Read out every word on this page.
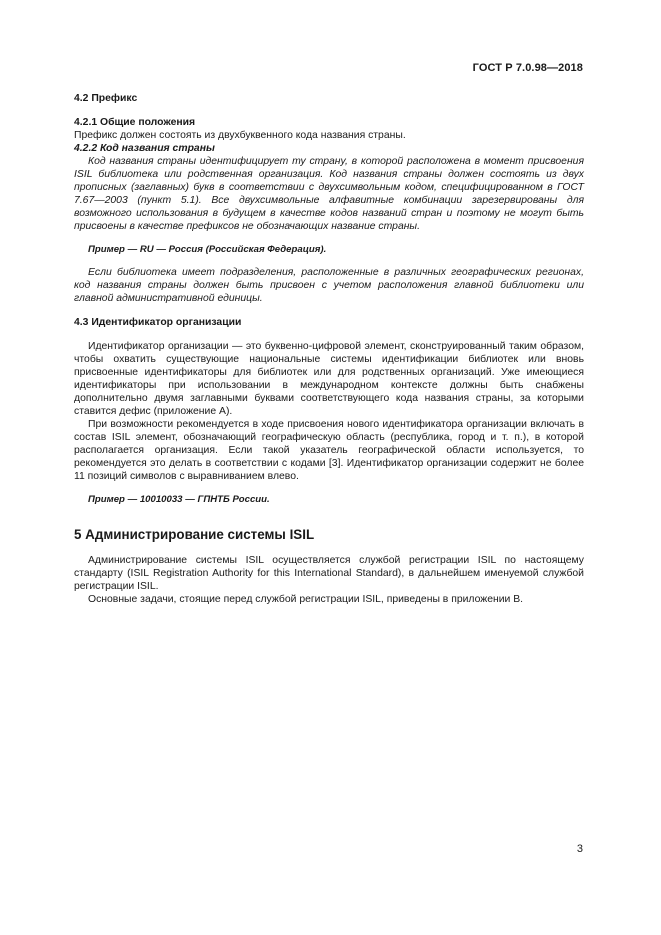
ГОСТ Р 7.0.98—2018
4.2 Префикс
4.2.1 Общие положения

Префикс должен состоять из двухбуквенного кода названия страны.

4.2.2 Код названия страны

Код названия страны идентифицирует ту страну, в которой расположена в момент присвоения ISIL библиотека или родственная организация. Код названия страны должен состоять из двух прописных (заглавных) букв в соответствии с двухсимвольным кодом, специфицированном в ГОСТ 7.67—2003 (пункт 5.1). Все двухсимвольные алфавитные комбинации зарезервированы для возможного использования в будущем в качестве кодов названий стран и поэтому не могут быть присвоены в качестве префиксов не обозначающих название страны.

Пример — RU — Россия (Российская Федерация).

Если библиотека имеет подразделения, расположенные в различных географических регионах, код названия страны должен быть присвоен с учетом расположения главной библиотеки или главной административной единицы.

4.3 Идентификатор организации

Идентификатор организации — это буквенно-цифровой элемент, сконструированный таким образом, чтобы охватить существующие национальные системы идентификации библиотек или вновь присвоенные идентификаторы для библиотек или для родственных организаций. Уже имеющиеся идентификаторы при использовании в международном контексте должны быть снабжены дополнительно двумя заглавными буквами соответствующего кода названия страны, за которыми ставится дефис (приложение А).

При возможности рекомендуется в ходе присвоения нового идентификатора организации включать в состав ISIL элемент, обозначающий географическую область (республика, город и т. п.), в которой располагается организация. Если такой указатель географической области используется, то рекомендуется это делать в соответствии с кодами [3]. Идентификатор организации содержит не более 11 позиций символов с выравниванием влево.

Пример — 10010033 — ГПНТБ России.

5 Администрирование системы ISIL

Администрирование системы ISIL осуществляется службой регистрации ISIL по настоящему стандарту (ISIL Registration Authority for this International Standard), в дальнейшем именуемой службой регистрации ISIL.

Основные задачи, стоящие перед службой регистрации ISIL, приведены в приложении В.

3
